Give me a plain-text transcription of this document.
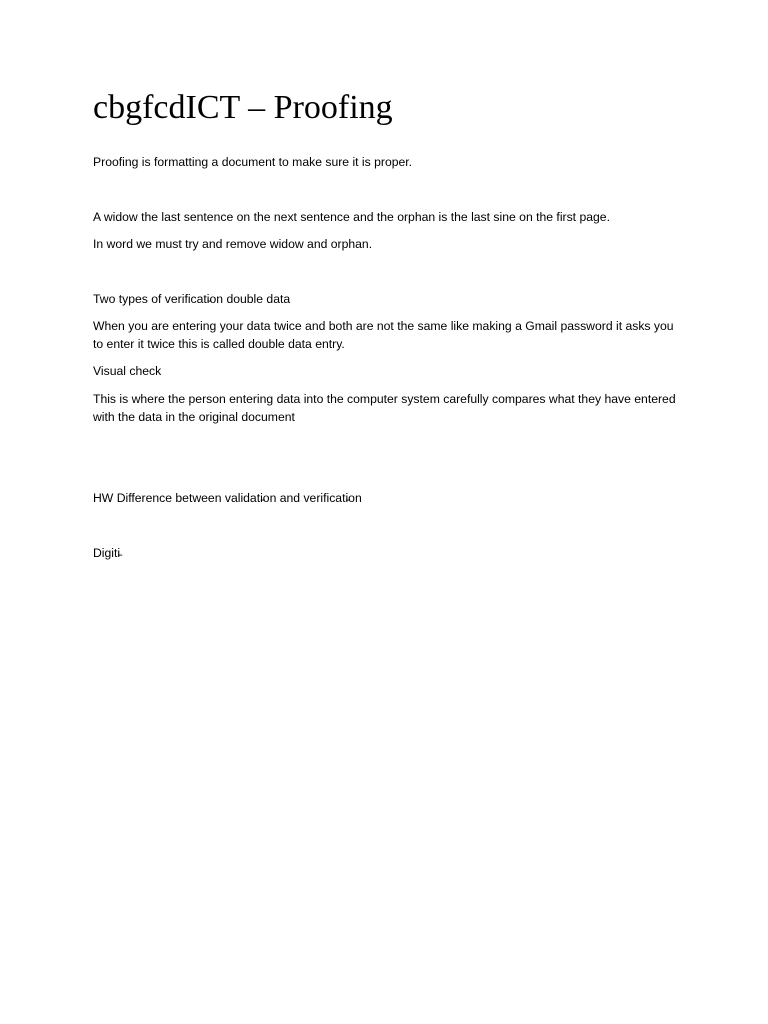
cbgfcdICT – Proofing

Proofing is formatting a document to make sure it is proper.

A widow the last sentence on the next sentence and the orphan is the last sine on the first page.

In word we must try and remove widow and orphan.

Two types of verificati̵on double data

When you are entering your data twice and both are not the same like making a Gmail password it asks you to enter it twice this is called double data entry.

Visual check

This is where the person entering data into the computer system carefully compares what they have entered with the data in the original document

HW Difference between validati̵on and verificati̵on

Digiti̵
